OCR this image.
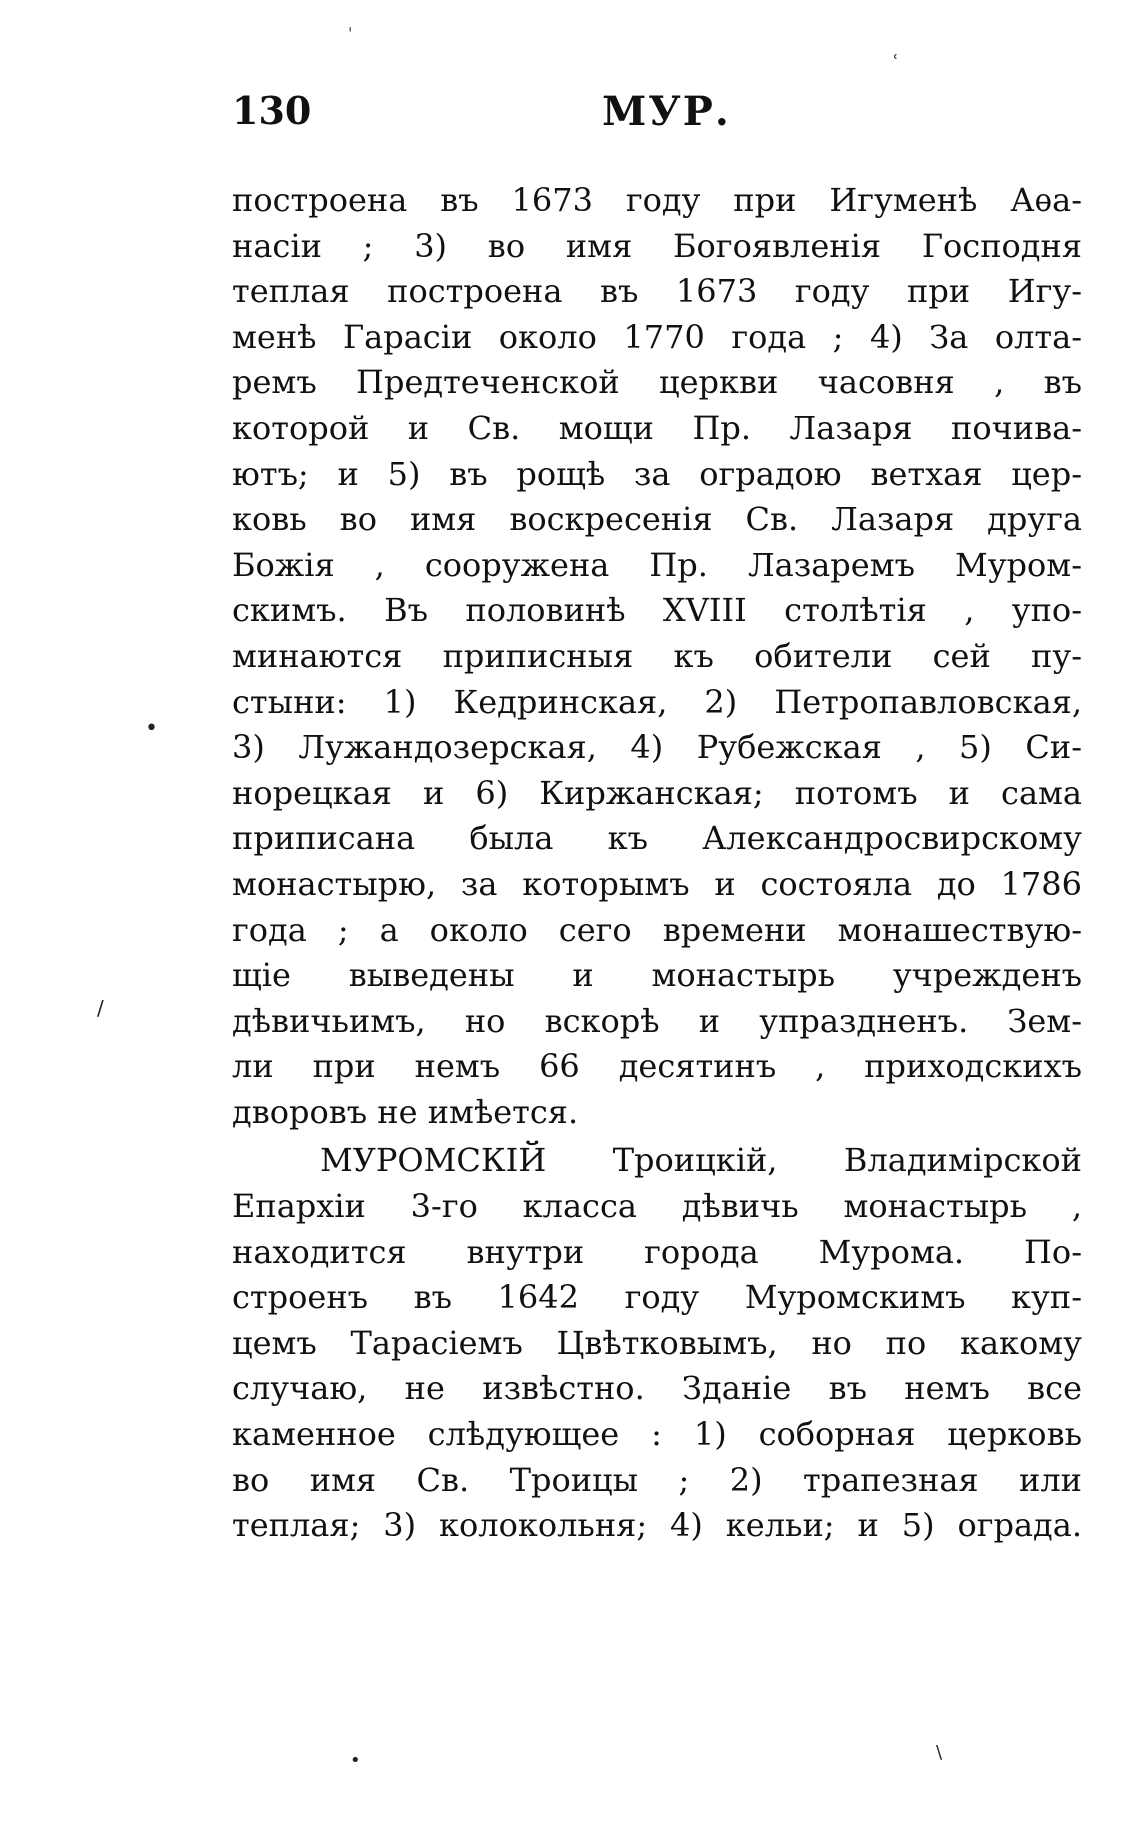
130	МУР.
построена въ 1673 году при Игуменѣ Аѳа-
насіи ; 3) во имя Богоявленія Господня
теплая построена въ 1673 году при Игу-
менѣ Гарасіи около 1770 года ; 4) За олта-
ремъ Предтеченской церкви часовня , въ
которой и Св. мощи Пр. Лазаря почива-
ютъ; и 5) въ рощѣ за оградою ветхая цер-
ковь во имя воскресенія Св. Лазаря друга
Божія , сооружена Пр. Лазаремъ Муром-
скимъ. Въ половинѣ XVIII столѣтія , упо-
минаются приписныя къ обители сей пу-
стыни: 1) Кедринская, 2) Петропавловская,
3) Лужандозерская, 4) Рубежская , 5) Си-
норецкая и 6) Киржанская; потомъ и сама
приписана была къ Александросвирскому
монастырю, за которымъ и состояла до 1786
года ; а около сего времени монашествую-
щіе выведены и монастырь учрежденъ
дѣвичьимъ, но вскорѣ и упраздненъ. Зем-
ли при немъ 66 десятинъ , приходскихъ
дворовъ не имѣется.
МУРОМСКІЙ Троицкій, Владимірской
Епархіи 3-го класса дѣвичь монастырь ,
находится внутри города Мурома. По-
строенъ въ 1642 году Муромскимъ куп-
цемъ Тарасіемъ Цвѣтковымъ, но по какому
случаю, не извѣстно. Зданіе въ немъ все
каменное слѣдующее : 1) соборная церковь
во имя Св. Троицы ; 2) трапезная или
теплая; 3) колокольня; 4) кельи; и 5) ограда.
ˌ
ʿ
•
/
•	\
